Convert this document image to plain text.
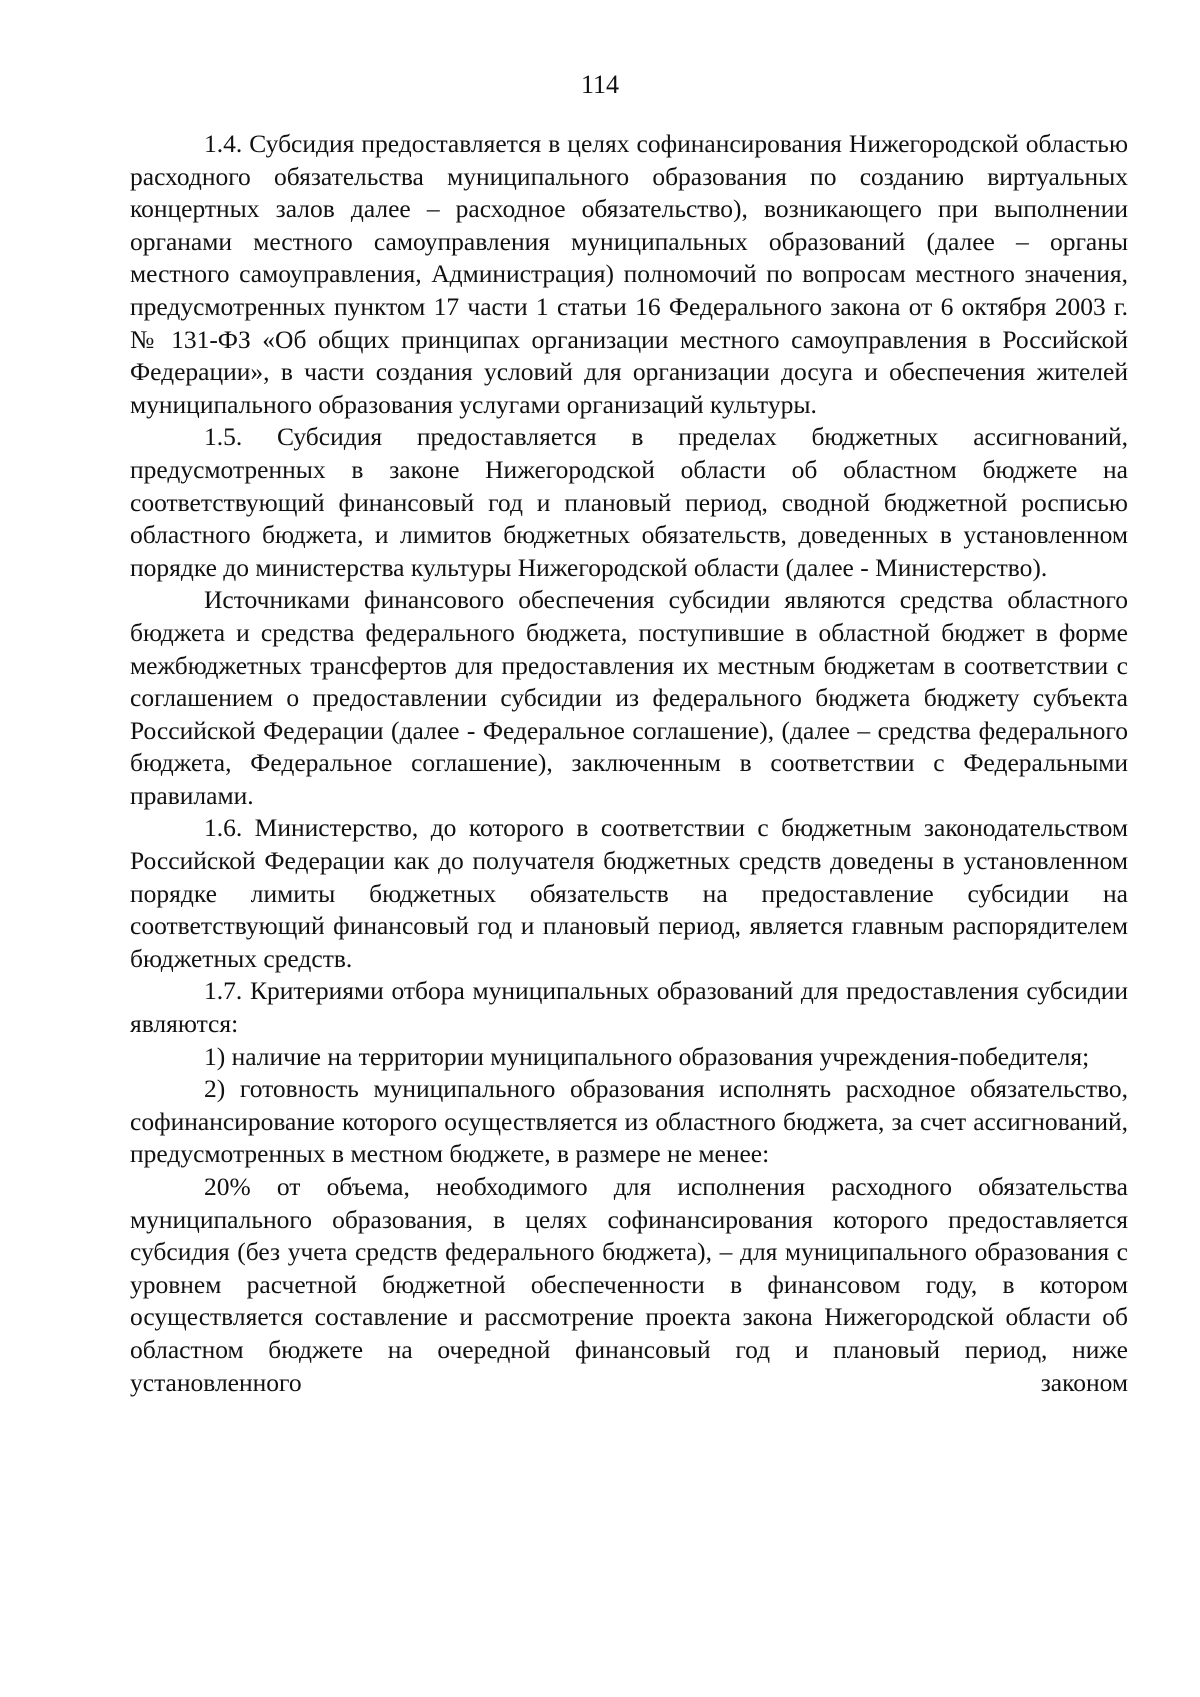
114

1.4. Субсидия предоставляется в целях софинансирования Нижегородской областью расходного обязательства муниципального образования по созданию виртуальных концертных залов далее – расходное обязательство), возникающего при выполнении органами местного самоуправления муниципальных образований (далее – органы местного самоуправления, Администрация) полномочий по вопросам местного значения, предусмотренных пунктом 17 части 1 статьи 16 Федерального закона от 6 октября 2003 г. № 131-ФЗ «Об общих принципах организации местного самоуправления в Российской Федерации», в части создания условий для организации досуга и обеспечения жителей муниципального образования услугами организаций культуры.

1.5. Субсидия предоставляется в пределах бюджетных ассигнований, предусмотренных в законе Нижегородской области об областном бюджете на соответствующий финансовый год и плановый период, сводной бюджетной росписью областного бюджета, и лимитов бюджетных обязательств, доведенных в установленном порядке до министерства культуры Нижегородской области (далее - Министерство).

Источниками финансового обеспечения субсидии являются средства областного бюджета и средства федерального бюджета, поступившие в областной бюджет в форме межбюджетных трансфертов для предоставления их местным бюджетам в соответствии с соглашением о предоставлении субсидии из федерального бюджета бюджету субъекта Российской Федерации (далее - Федеральное соглашение), (далее – средства федерального бюджета, Федеральное соглашение), заключенным в соответствии с Федеральными правилами.

1.6. Министерство, до которого в соответствии с бюджетным законодательством Российской Федерации как до получателя бюджетных средств доведены в установленном порядке лимиты бюджетных обязательств на предоставление субсидии на соответствующий финансовый год и плановый период, является главным распорядителем бюджетных средств.

1.7. Критериями отбора муниципальных образований для предоставления субсидии являются:

1) наличие на территории муниципального образования учреждения-победителя;

2) готовность муниципального образования исполнять расходное обязательство, софинансирование которого осуществляется из областного бюджета, за счет ассигнований, предусмотренных в местном бюджете, в размере не менее:

20% от объема, необходимого для исполнения расходного обязательства муниципального образования, в целях софинансирования которого предоставляется субсидия (без учета средств федерального бюджета), – для муниципального образования с уровнем расчетной бюджетной обеспеченности в финансовом году, в котором осуществляется составление и рассмотрение проекта закона Нижегородской области об областном бюджете на очередной финансовый год и плановый период, ниже установленного законом
